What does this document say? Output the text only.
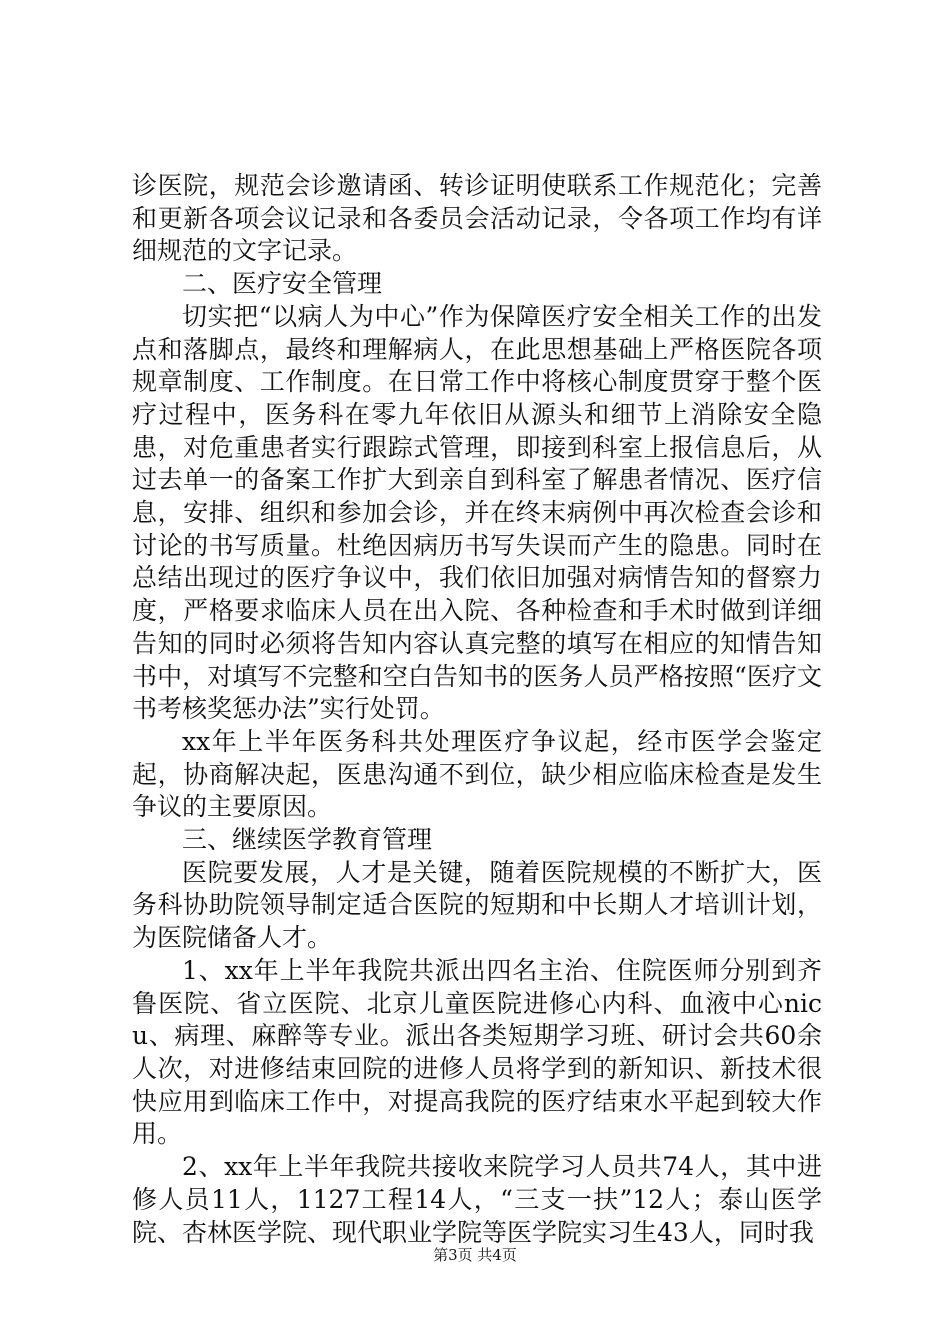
诊医院，规范会诊邀请函、转诊证明使联系工作规范化；完善和更新各项会议记录和各委员会活动记录，令各项工作均有详细规范的文字记录。

二、医疗安全管理

切实把“以病人为中心”作为保障医疗安全相关工作的出发点和落脚点，最终和理解病人，在此思想基础上严格医院各项规章制度、工作制度。在日常工作中将核心制度贯穿于整个医疗过程中，医务科在零九年依旧从源头和细节上消除安全隐患，对危重患者实行跟踪式管理，即接到科室上报信息后，从过去单一的备案工作扩大到亲自到科室了解患者情况、医疗信息，安排、组织和参加会诊，并在终末病例中再次检查会诊和讨论的书写质量。杜绝因病历书写失误而产生的隐患。同时在总结出现过的医疗争议中，我们依旧加强对病情告知的督察力度，严格要求临床人员在出入院、各种检查和手术时做到详细告知的同时必须将告知内容认真完整的填写在相应的知情告知书中，对填写不完整和空白告知书的医务人员严格按照“医疗文书考核奖惩办法”实行处罚。

xx年上半年医务科共处理医疗争议起，经市医学会鉴定起，协商解决起，医患沟通不到位，缺少相应临床检查是发生争议的主要原因。

三、继续医学教育管理

医院要发展，人才是关键，随着医院规模的不断扩大，医务科协助院领导制定适合医院的短期和中长期人才培训计划，为医院储备人才。

1、xx年上半年我院共派出四名主治、住院医师分别到齐鲁医院、省立医院、北京儿童医院进修心内科、血液中心nicu、病理、麻醉等专业。派出各类短期学习班、研讨会共60余人次，对进修结束回院的进修人员将学到的新知识、新技术很快应用到临床工作中，对提高我院的医疗结束水平起到较大作用。

2、xx年上半年我院共接收来院学习人员共74人，其中进修人员11人，1127工程14人，“三支一扶”12人；泰山医学院、杏林医学院、现代职业学院等医学院实习生43人，同时我

第3页 共4页
